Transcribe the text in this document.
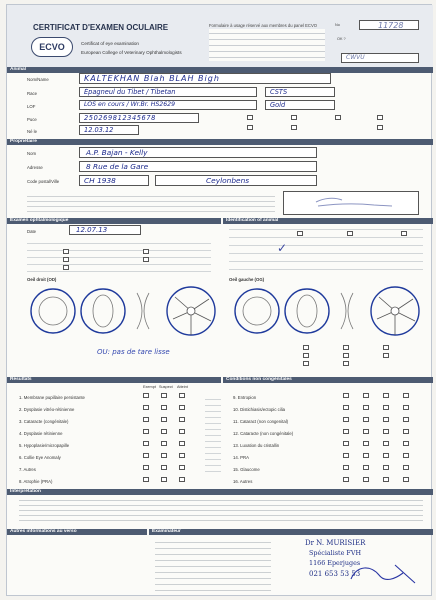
CERTIFICAT D'EXAMEN OCULAIRE
ECVO	Certificat of eye examination
European College of Veterinary Ophthalmologists
Formulaire à usage réservé aux membres du panel ECVO	No	11728
OK ?
CWVU
Animal
Nom/Name	KALTEKHAN Blah BLAH Bigh
Race	Épagneul du Tibet / Tibetan	CSTS
LOF	LOS en cours / Wr.Br. HS2629	Gold
Puce	250269812345678
Né le	12.03.12
Propriétaire
Nom	A.P. Bajan - Kelly
Adresse	8 Rue de la Gare
Code postal/Ville	CH 1938	Ceylonbens
Examen ophtalmologique	Identification of animal
Date	12.07.13
✓
Oeil droit (OD)	Oeil gauche (OG)
OU: pas de tare lisse
Résultats	Conditions non congénitales
Exempt Suspect Atteint
1. Membrane pupillaire persistante
2. Dysplasie vitréo-rétinienne
3. Cataracte (congénitale)
4. Dysplasie rétinienne
5. Hypoplasie/micropapille
6. Collie Eye Anomaly
7. Autres
8. Atrophie (PRA)
9. Entropion
10. Distichiasis/ectopic cilia
11. Cataract (non congenital)
12. Cataracte (non congénitale)
13. Luxation du cristallin
14. PRA
15. Glaucome
16. Autres
Interprétation
Autres informations au verso	Examinateur
Dr N. MURISIER
Spécialiste FVH
1166 Eperjuges
021 653 53 53
